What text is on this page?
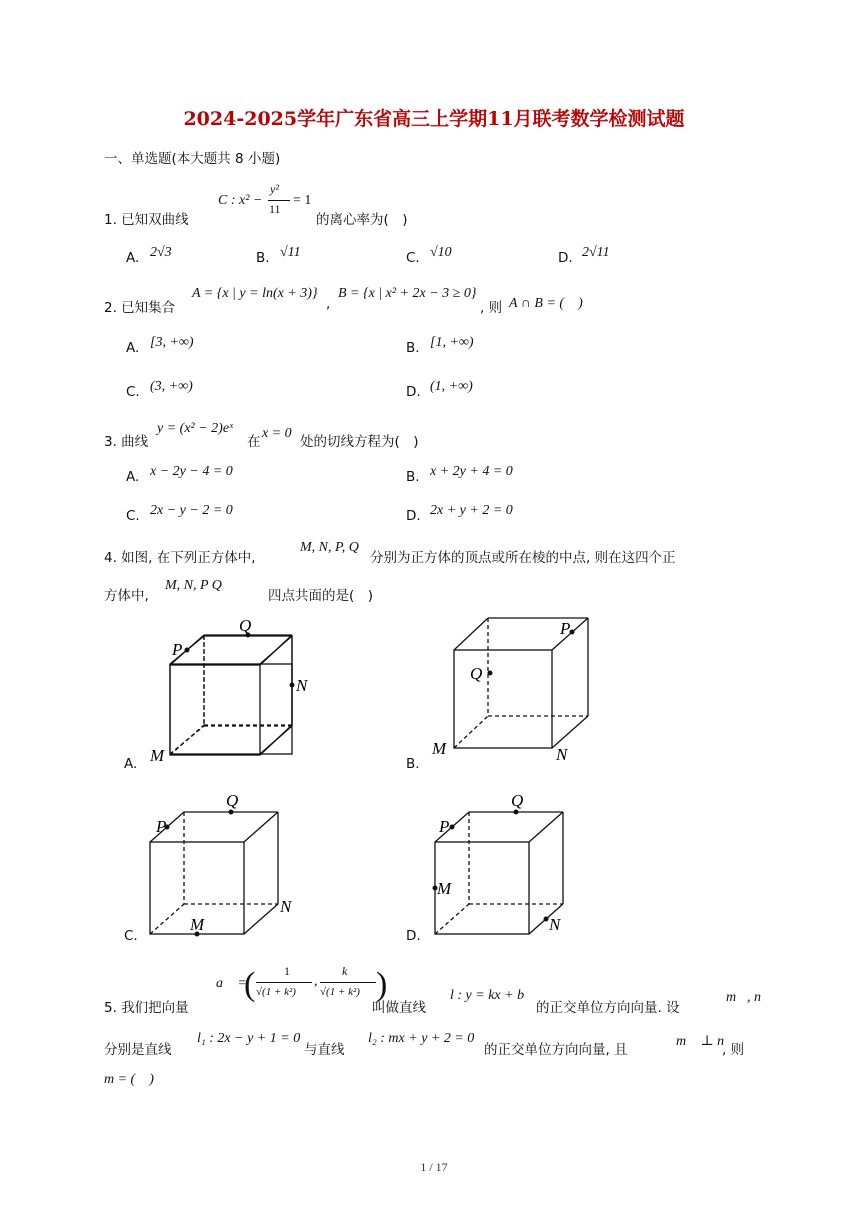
2024-2025学年广东省高三上学期11月联考数学检测试题
一、单选题(本大题共 8 小题)
1. 已知双曲线
C : x² −
y²
11
= 1
的离心率为(　)
A. 2√3	B. √11	C. √10	D. 2√11
2. 已知集合
A = {x | y = ln(x + 3)}
,
B = {x | x² + 2x − 3 ≥ 0}
, 则 A ∩ B = (　)
A. [3, +∞)	B. [1, +∞)
C. (3, +∞)	D. (1, +∞)
3. 曲线
y = (x² − 2)eˣ
在
x = 0
处的切线方程为(　)
A. x − 2y − 4 = 0	B. x + 2y + 4 = 0
C. 2x − y − 2 = 0	D. 2x + y + 2 = 0
4. 如图, 在下列正方体中,
M, N, P, Q
分别为正方体的顶点或所在棱的中点, 则在这四个正
方体中,
M, N, P Q
四点共面的是(　)
P
Q
N
M
P
Q
M	N
P
Q
N
M
P
Q
M
N
A.	B.
C.	D.
5. 我们把向量
a⃗ =
( 1
√(1 + k²)
,
k
√(1 + k²) )
叫做直线
l : y = kx + b
的正交单位方向向量. 设
m⃗, n⃗
分别是直线
l₁ : 2x − y + 1 = 0
与直线
l₂ : mx + y + 2 = 0
的正交单位方向向量, 且
m⃗ ⊥ n⃗
, 则
m = (　)
1 / 17
